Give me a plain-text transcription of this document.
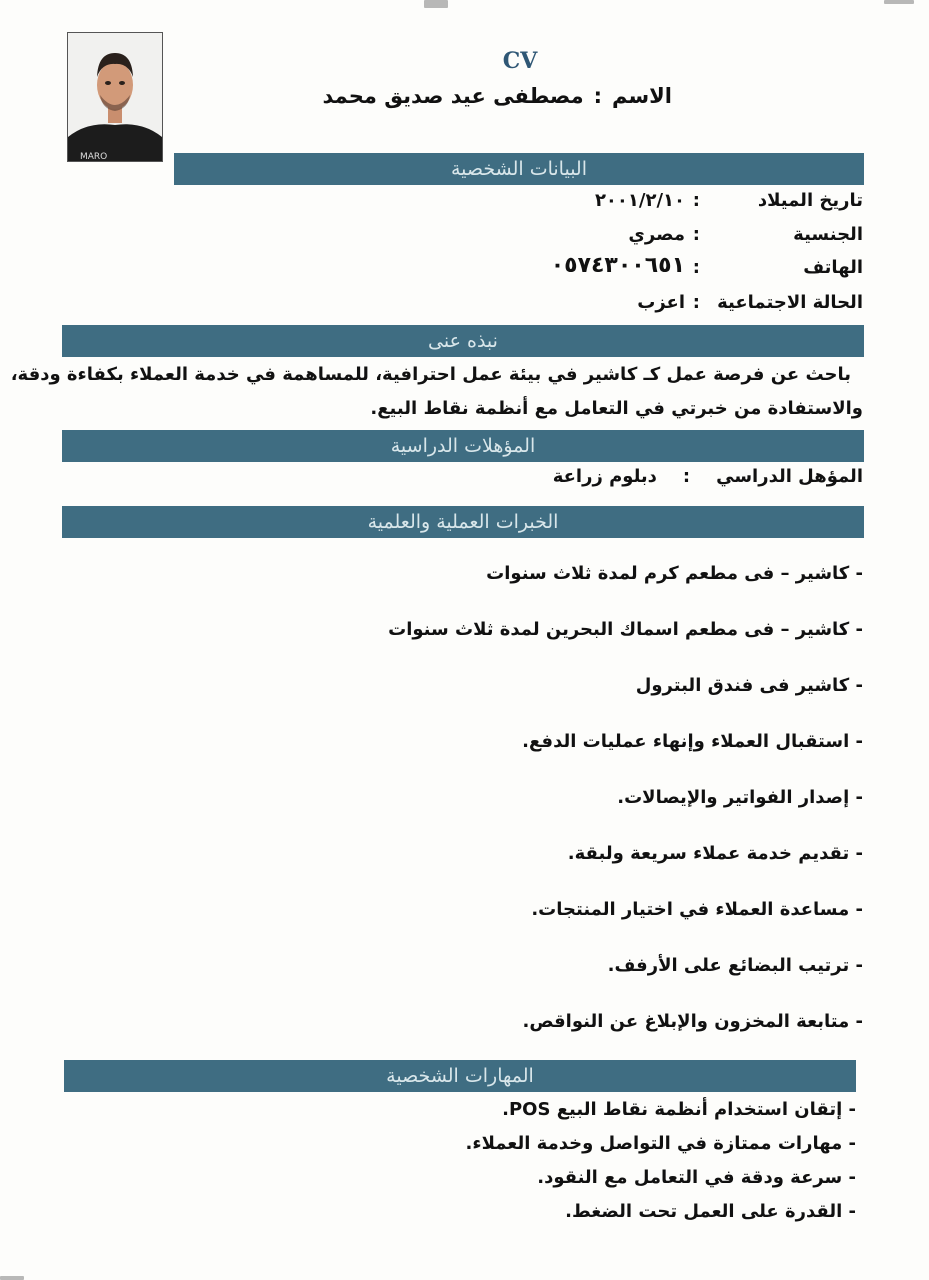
MARO
CV
الاسم:مصطفى عيد صديق محمد
البيانات الشخصية
تاريخ الميلاد
:
٢٠٠١/٢/١٠
الجنسية
:
مصري
الهاتف
:
٠٥٧٤٣٠٠٦٥١
الحالة الاجتماعية
:
اعزب
نبذه عنى
باحث عن فرصة عمل كـ كاشير في بيئة عمل احترافية، للمساهمة في خدمة العملاء بكفاءة ودقة،
والاستفادة من خبرتي في التعامل مع أنظمة نقاط البيع.
المؤهلات الدراسية
المؤهل الدراسي:دبلوم زراعة
الخبرات العملية والعلمية
- كاشير – فى مطعم كرم لمدة ثلاث سنوات
- كاشير – فى مطعم اسماك البحرين لمدة ثلاث سنوات
- كاشير فى فندق البترول
- استقبال العملاء وإنهاء عمليات الدفع.
- إصدار الفواتير والإيصالات.
- تقديم خدمة عملاء سريعة ولبقة.
- مساعدة العملاء في اختيار المنتجات.
- ترتيب البضائع على الأرفف.
- متابعة المخزون والإبلاغ عن النواقص.
المهارات الشخصية
- إتقان استخدام أنظمة نقاط البيع POS.
- مهارات ممتازة في التواصل وخدمة العملاء.
- سرعة ودقة في التعامل مع النقود.
- القدرة على العمل تحت الضغط.
